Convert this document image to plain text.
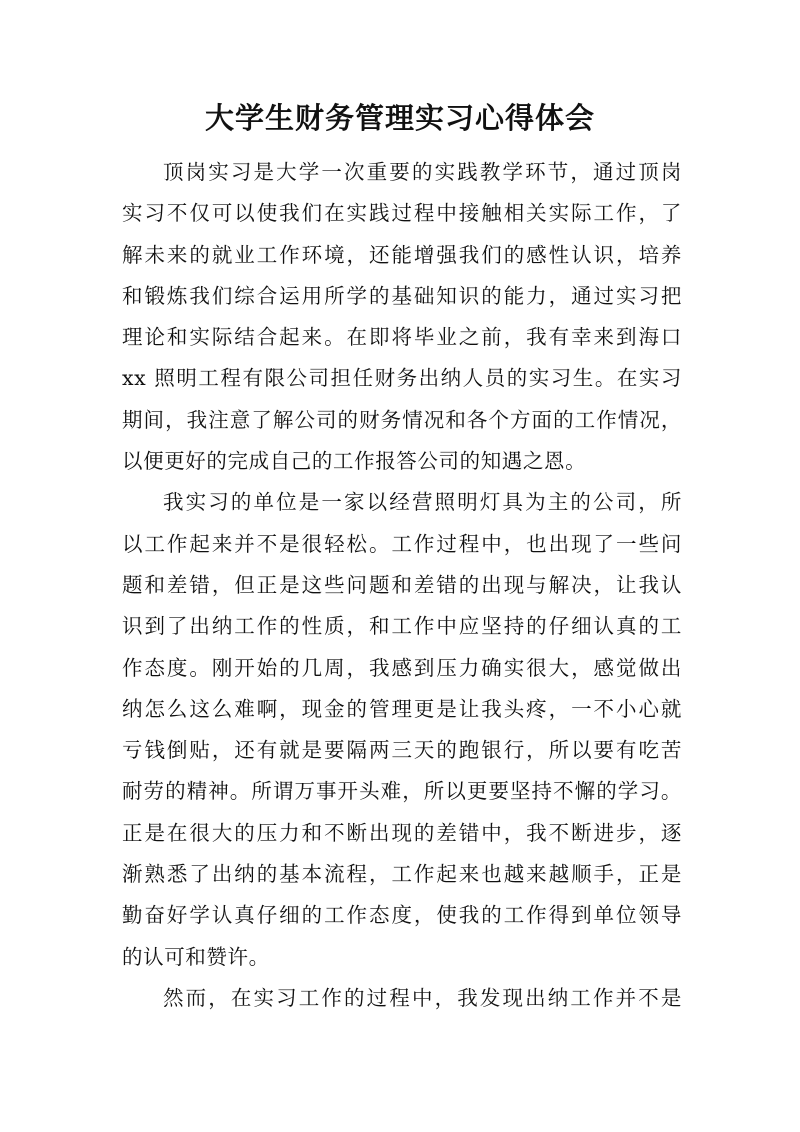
大学生财务管理实习心得体会
顶岗实习是大学一次重要的实践教学环节，通过顶岗
实习不仅可以使我们在实践过程中接触相关实际工作，了
解未来的就业工作环境，还能增强我们的感性认识，培养
和锻炼我们综合运用所学的基础知识的能力，通过实习把
理论和实际结合起来。在即将毕业之前，我有幸来到海口
xx 照明工程有限公司担任财务出纳人员的实习生。在实习
期间，我注意了解公司的财务情况和各个方面的工作情况，
以便更好的完成自己的工作报答公司的知遇之恩。
我实习的单位是一家以经营照明灯具为主的公司，所
以工作起来并不是很轻松。工作过程中，也出现了一些问
题和差错，但正是这些问题和差错的出现与解决，让我认
识到了出纳工作的性质，和工作中应坚持的仔细认真的工
作态度。刚开始的几周，我感到压力确实很大，感觉做出
纳怎么这么难啊，现金的管理更是让我头疼，一不小心就
亏钱倒贴，还有就是要隔两三天的跑银行，所以要有吃苦
耐劳的精神。所谓万事开头难，所以更要坚持不懈的学习。
正是在很大的压力和不断出现的差错中，我不断进步，逐
渐熟悉了出纳的基本流程，工作起来也越来越顺手，正是
勤奋好学认真仔细的工作态度，使我的工作得到单位领导
的认可和赞许。
然而，在实习工作的过程中，我发现出纳工作并不是
